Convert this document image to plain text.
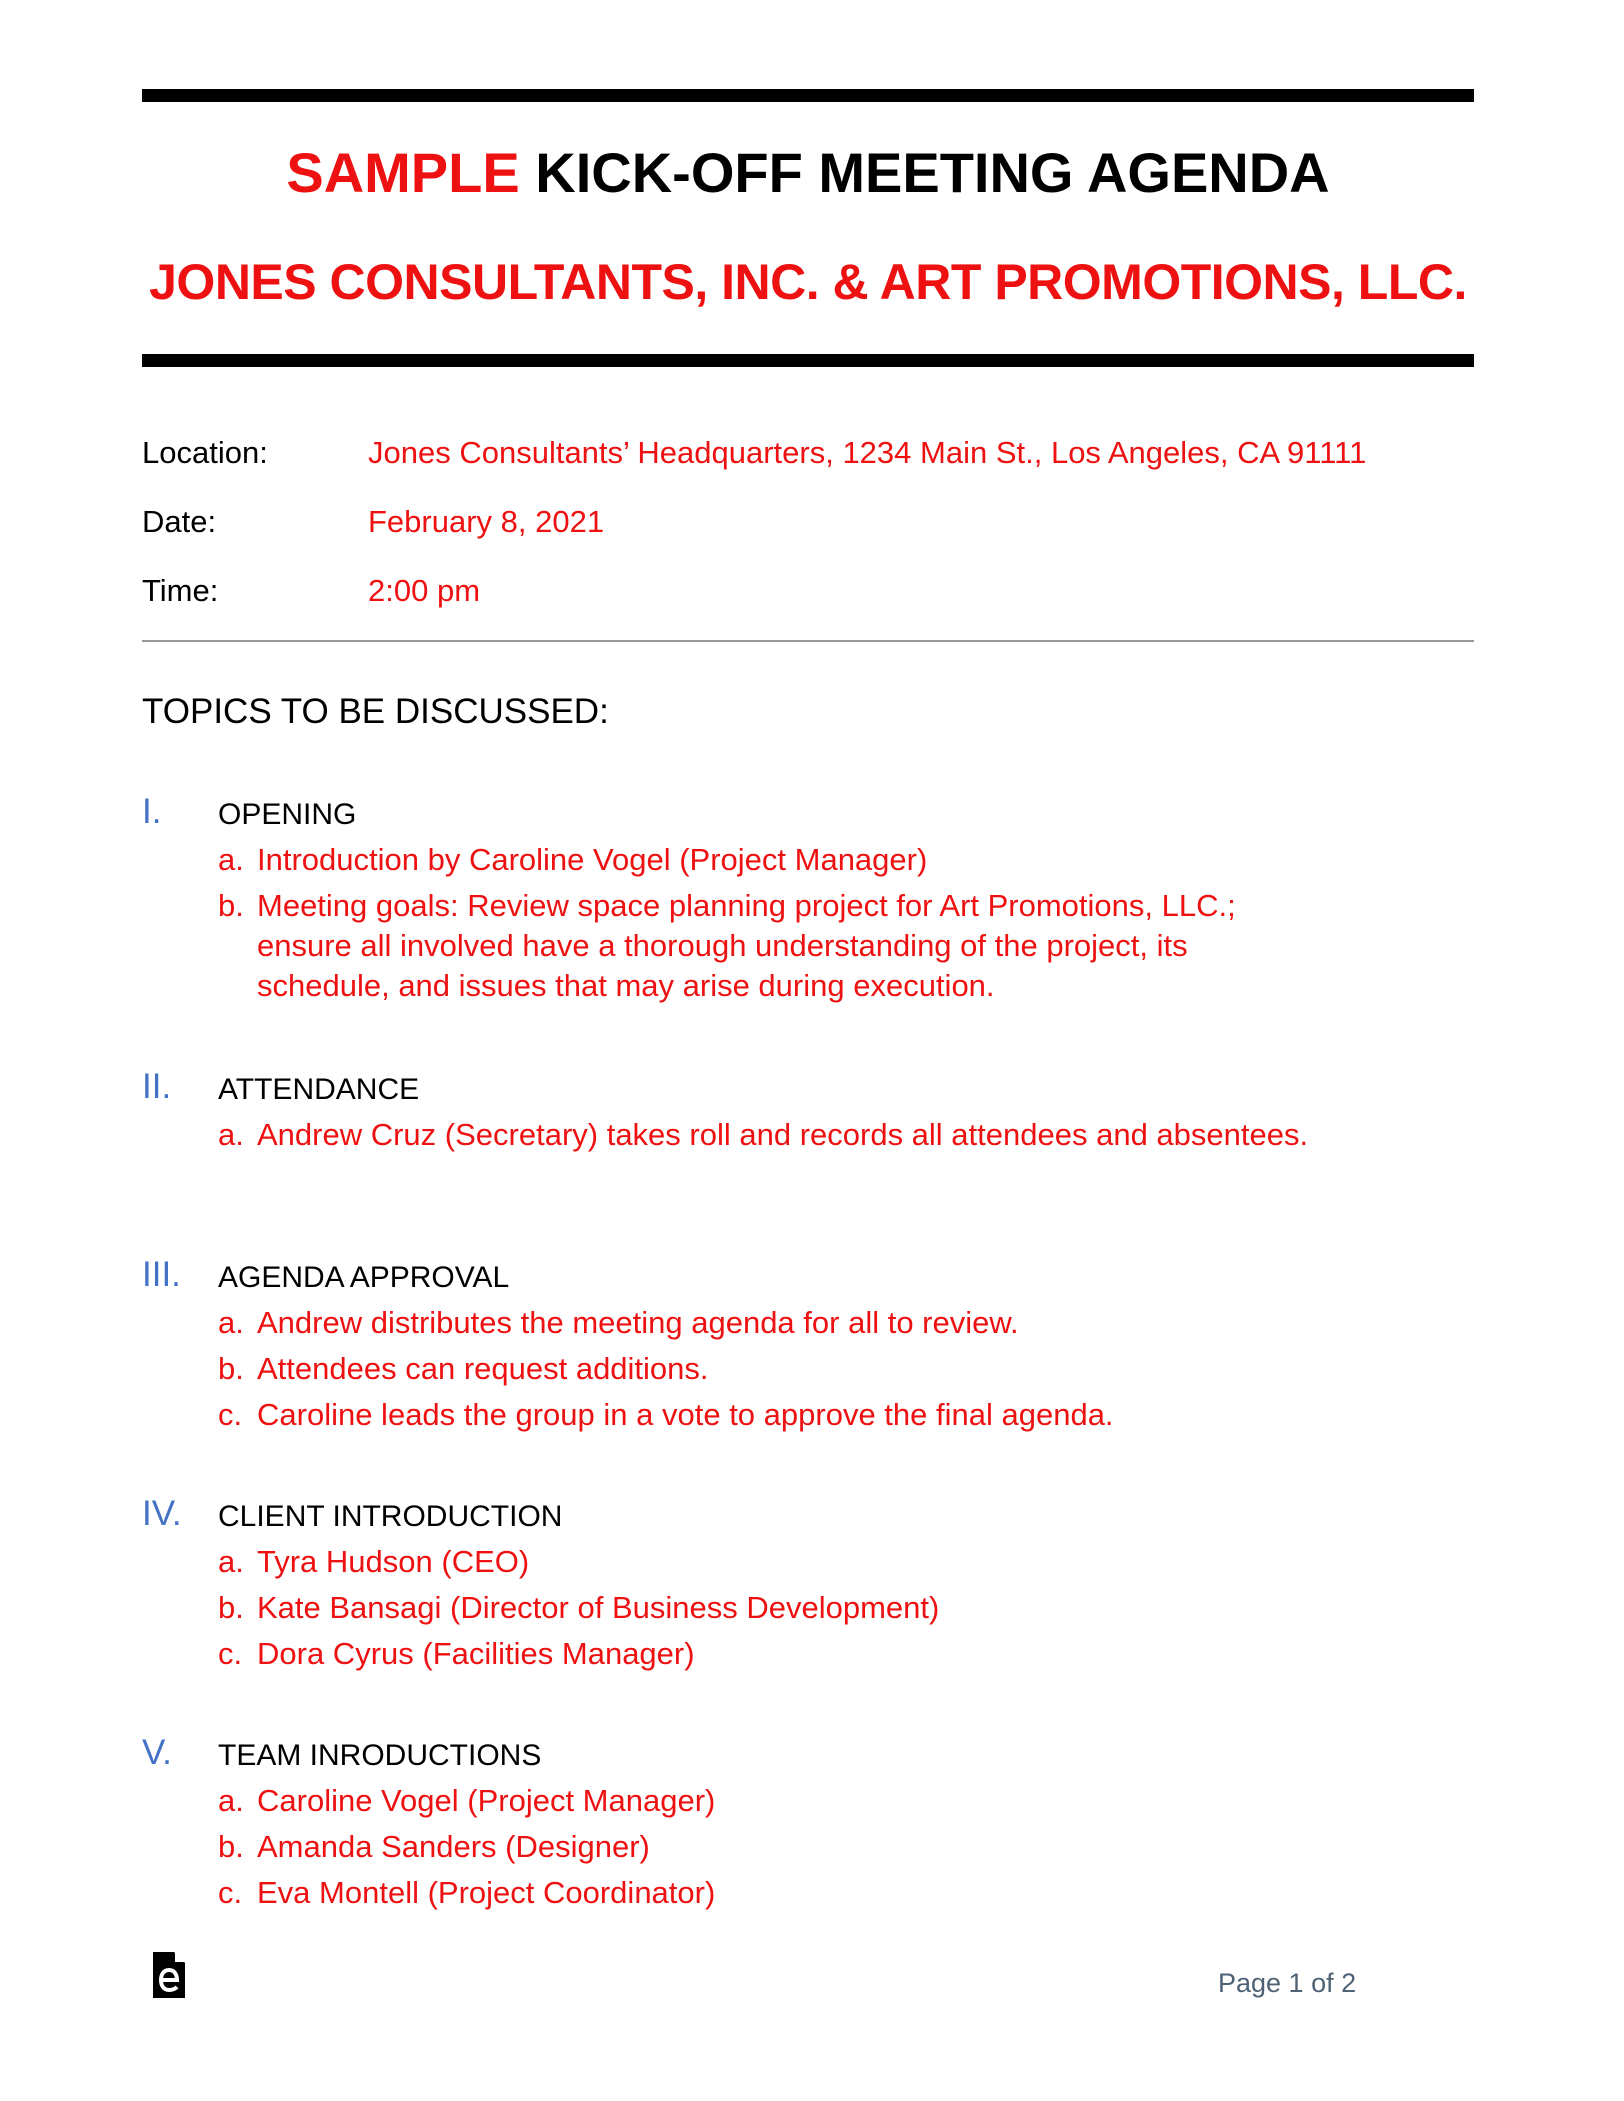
SAMPLE KICK-OFF MEETING AGENDA
JONES CONSULTANTS, INC. & ART PROMOTIONS, LLC.
Location:	Jones Consultants’ Headquarters, 1234 Main St., Los Angeles, CA 91111
Date:	February 8, 2021
Time:	2:00 pm
TOPICS TO BE DISCUSSED:
I. OPENING
a. Introduction by Caroline Vogel (Project Manager)
b. Meeting goals: Review space planning project for Art Promotions, LLC.; ensure all involved have a thorough understanding of the project, its schedule, and issues that may arise during execution.
II. ATTENDANCE
a. Andrew Cruz (Secretary) takes roll and records all attendees and absentees.
III. AGENDA APPROVAL
a. Andrew distributes the meeting agenda for all to review.
b. Attendees can request additions.
c. Caroline leads the group in a vote to approve the final agenda.
IV. CLIENT INTRODUCTION
a. Tyra Hudson (CEO)
b. Kate Bansagi (Director of Business Development)
c. Dora Cyrus (Facilities Manager)
V. TEAM INRODUCTIONS
a. Caroline Vogel (Project Manager)
b. Amanda Sanders (Designer)
c. Eva Montell (Project Coordinator)
Page 1 of 2
